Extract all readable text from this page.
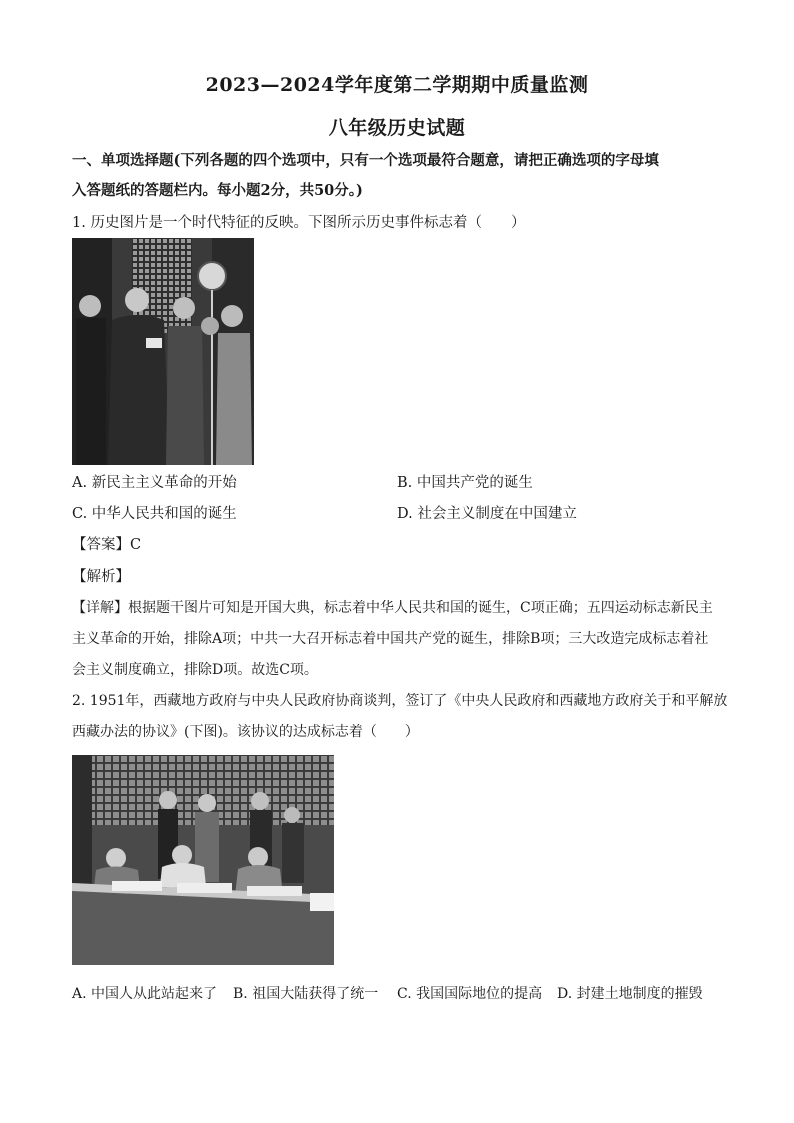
2023—2024学年度第二学期期中质量监测
八年级历史试题
一、单项选择题(下列各题的四个选项中，只有一个选项最符合题意，请把正确选项的字母填
入答题纸的答题栏内。每小题2分，共50分。)
1. 历史图片是一个时代特征的反映。下图所示历史事件标志着（　　）
A. 新民主主义革命的开始	B. 中国共产党的诞生
C. 中华人民共和国的诞生	D. 社会主义制度在中国建立
【答案】C
【解析】
【详解】根据题干图片可知是开国大典，标志着中华人民共和国的诞生，C项正确；五四运动标志新民主
主义革命的开始，排除A项；中共一大召开标志着中国共产党的诞生，排除B项；三大改造完成标志着社
会主义制度确立，排除D项。故选C项。
2. 1951年，西藏地方政府与中央人民政府协商谈判，签订了《中央人民政府和西藏地方政府关于和平解放
西藏办法的协议》(下图)。该协议的达成标志着（　　）
A. 中国人从此站起来了 B. 祖国大陆获得了统一 C. 我国国际地位的提高 D. 封建土地制度的摧毁
